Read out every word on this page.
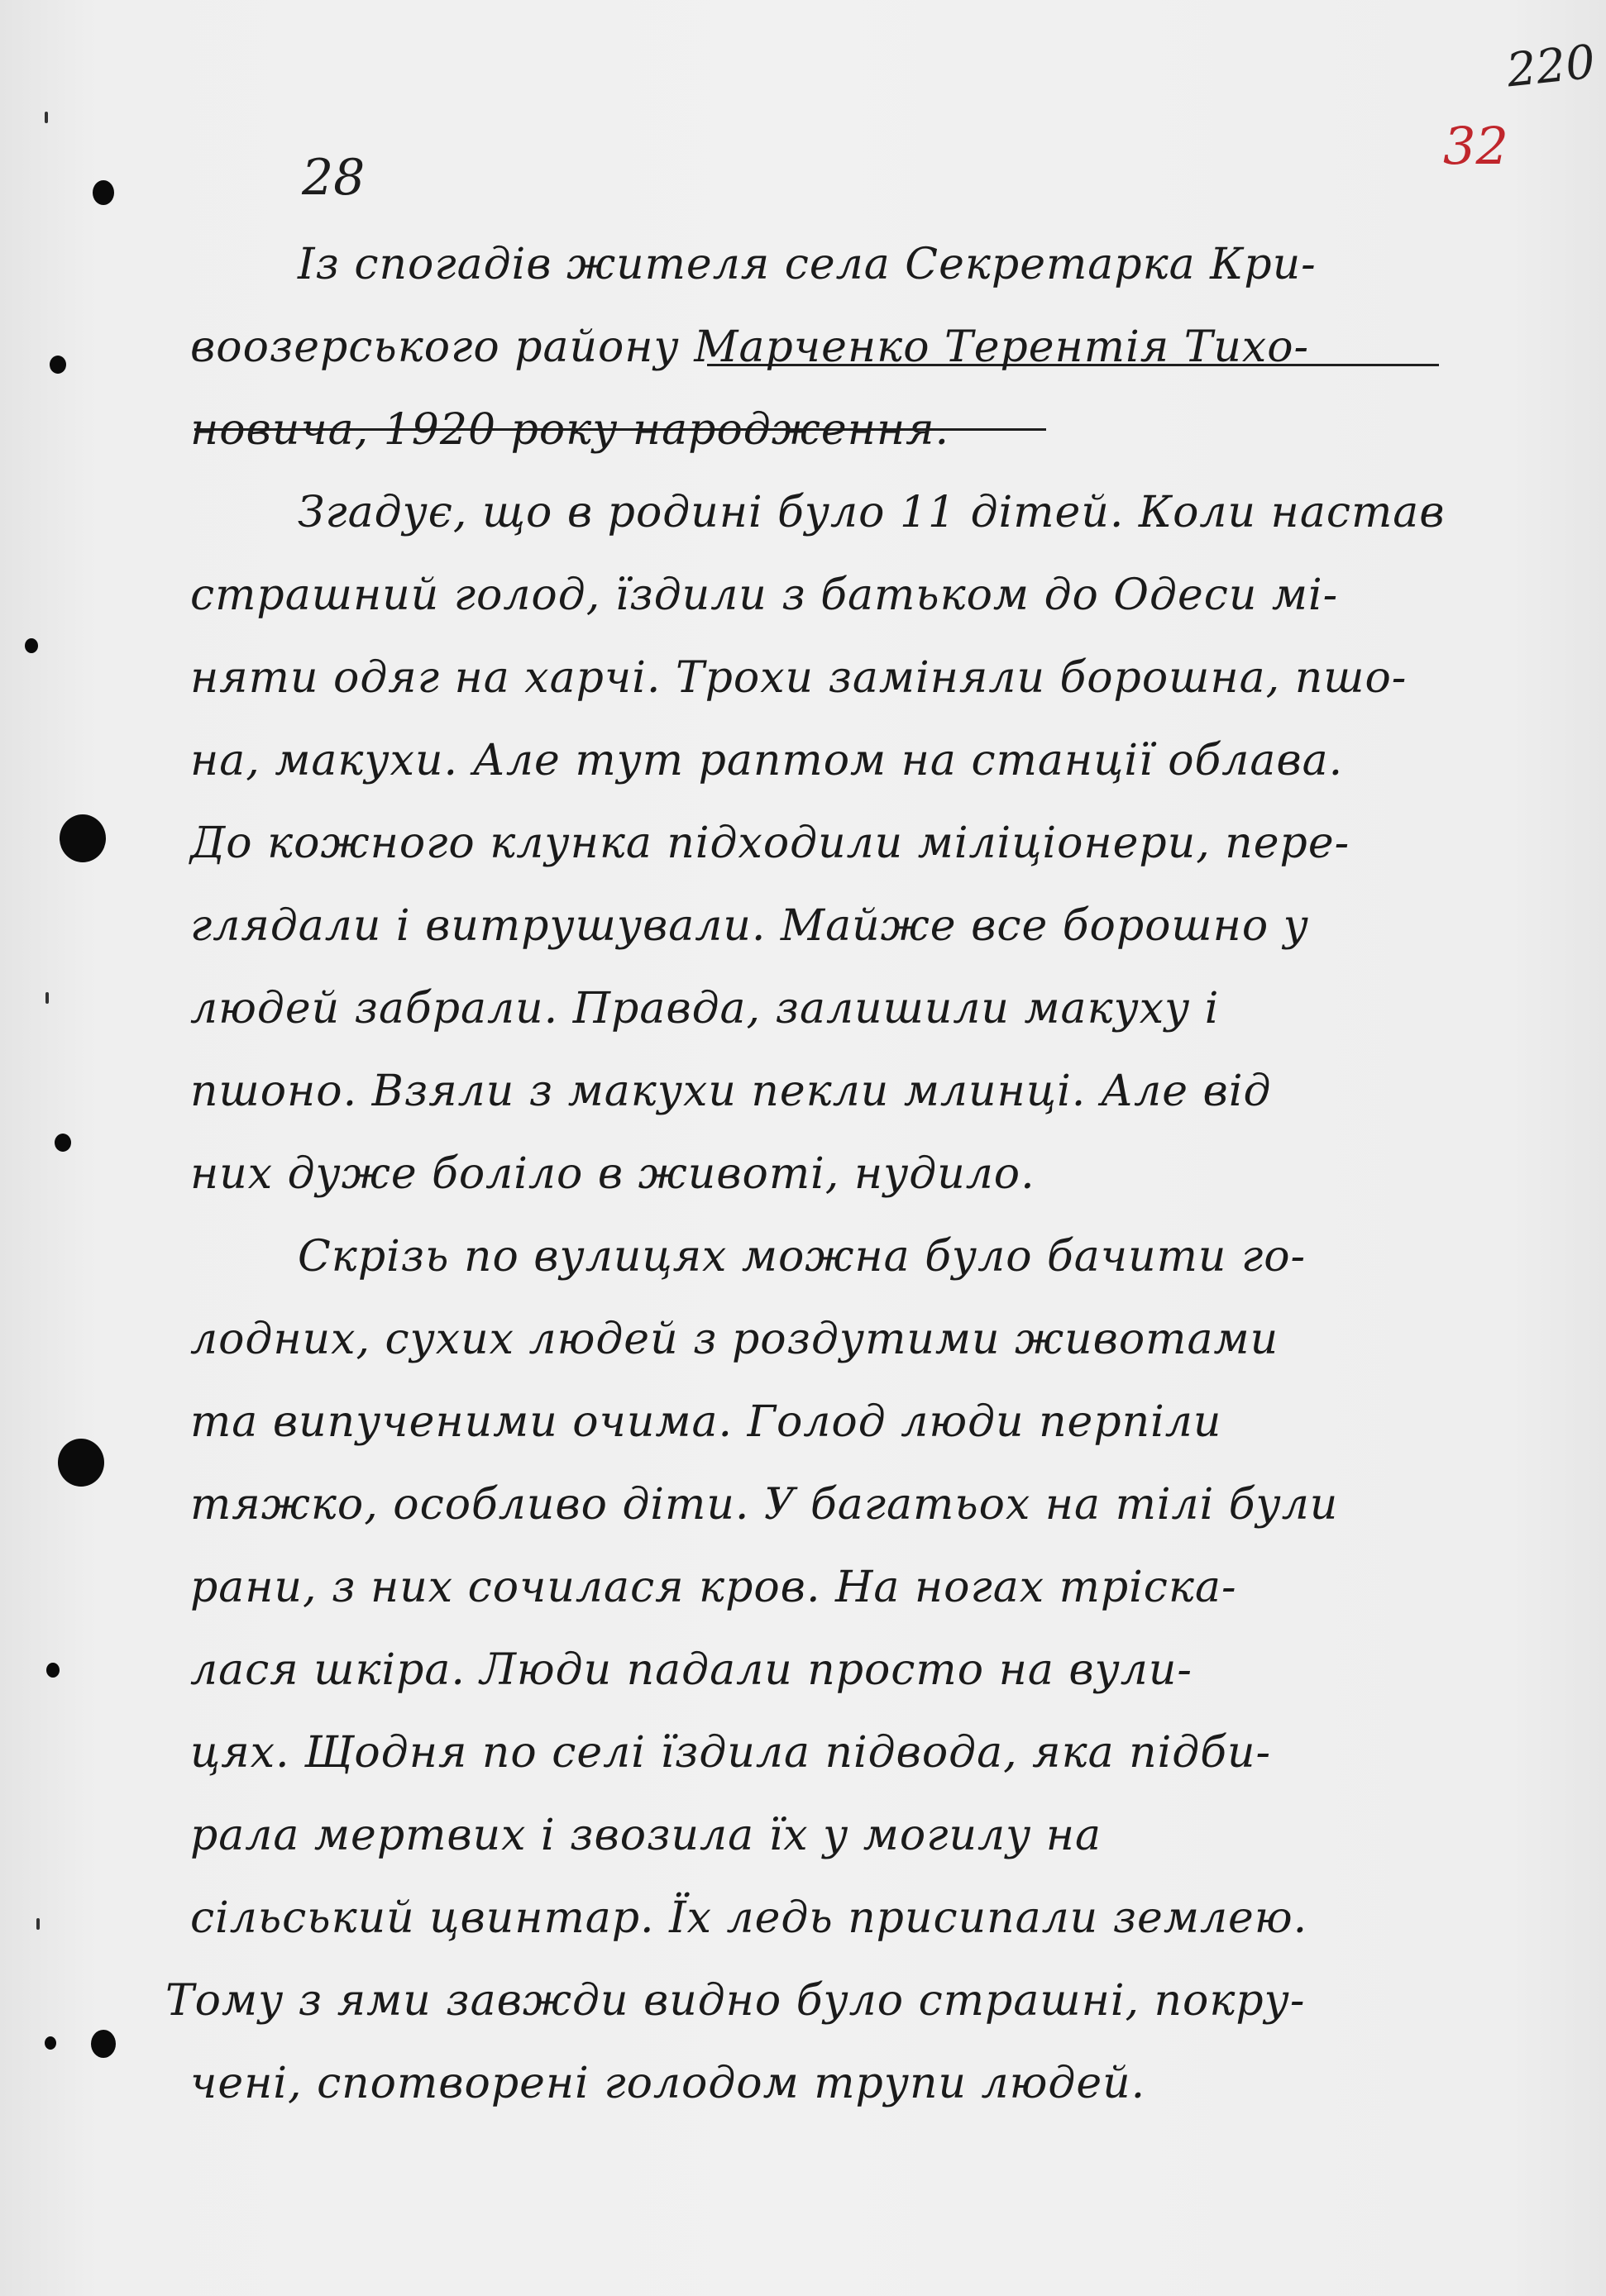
220
32
28
Із спогадів жителя села Секретарка Кри-
воозерського району Марченко Терентія Тихо-
новича, 1920 року народження.
Згадує, що в родині було 11 дітей. Коли настав
страшний голод, їздили з батьком до Одеси мі-
няти одяг на харчі. Трохи заміняли борошна, пшо-
на, макухи. Але тут раптом на станції облава.
До кожного клунка підходили міліціонери, пере-
глядали і витрушували. Майже все борошно у
людей забрали. Правда, залишили макуху і
пшоно. Взяли з макухи пекли млинці. Але від
них дуже боліло в животі, нудило.
Скрізь по вулицях можна було бачити го-
лодних, сухих людей з роздутими животами
та випученими очима. Голод люди перпіли
тяжко, особливо діти. У багатьох на тілі були
рани, з них сочилася кров. На ногах тріска-
лася шкіра. Люди падали просто на вули-
цях. Щодня по селі їздила підвода, яка підби-
рала мертвих і звозила їх у могилу на
сільський цвинтар. Їх ледь присипали землею.
Тому з ями завжди видно було страшні, покру-
чені, спотворені голодом трупи людей.
